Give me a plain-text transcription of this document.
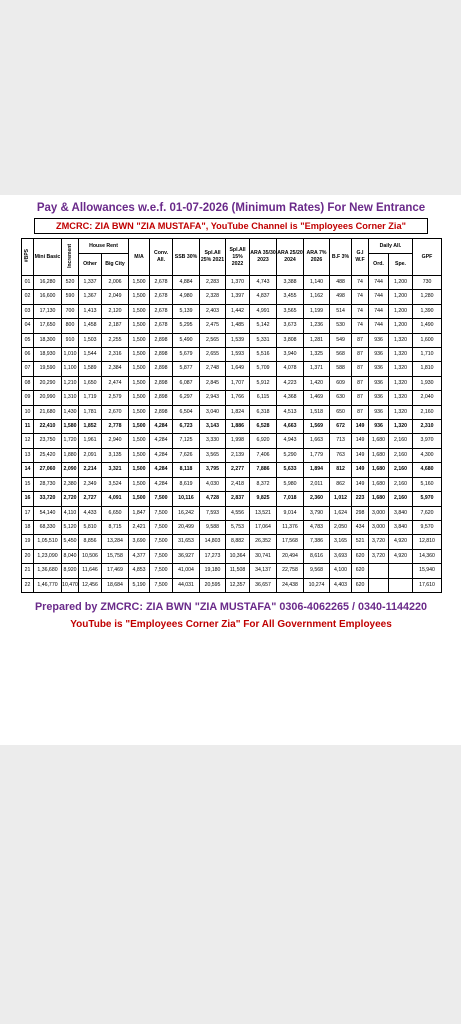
Pay & Allowances w.e.f. 01-07-2026 (Minimum Rates) For New Entrance
ZMCRC: ZIA BWN "ZIA MUSTAFA", YouTube Channel is "Employees Corner Zia"
#BPS	Mini Basic	Increment	House Rent		M/A	Conv. All.	SSB 30%	Spl.All 25% 2021	Spl.All 15% 2022	ARA 35/30 2023	ARA 25/20 2024	ARA 7% 2026	B.F 3%	G.I W.F	Daily All.		GPF
			Other	Big City											Ord.	Spe.	
01	16,280	520	1,337	2,006	1,500	2,678	4,884	2,283	1,370	4,743	3,388	1,140	488	74	744	1,200	730
02	16,600	590	1,367	2,049	1,500	2,678	4,980	2,328	1,397	4,837	3,455	1,162	498	74	744	1,200	1,280
03	17,130	700	1,413	2,120	1,500	2,678	5,139	2,403	1,442	4,991	3,565	1,199	514	74	744	1,200	1,390
04	17,650	800	1,458	2,187	1,500	2,678	5,295	2,475	1,485	5,142	3,673	1,236	530	74	744	1,200	1,490
05	18,300	910	1,503	2,255	1,500	2,898	5,490	2,565	1,539	5,331	3,808	1,281	549	87	936	1,320	1,600
06	18,930	1,010	1,544	2,316	1,500	2,898	5,679	2,655	1,593	5,516	3,940	1,325	568	87	936	1,320	1,710
07	19,590	1,100	1,589	2,384	1,500	2,898	5,877	2,748	1,649	5,709	4,078	1,371	588	87	936	1,320	1,810
08	20,290	1,210	1,650	2,474	1,500	2,898	6,087	2,845	1,707	5,912	4,223	1,420	609	87	936	1,320	1,930
09	20,990	1,310	1,719	2,579	1,500	2,898	6,297	2,943	1,766	6,115	4,368	1,469	630	87	936	1,320	2,040
10	21,680	1,430	1,781	2,670	1,500	2,898	6,504	3,040	1,824	6,318	4,513	1,518	650	87	936	1,320	2,160
11	22,410	1,580	1,852	2,778	1,500	4,284	6,723	3,143	1,886	6,528	4,663	1,569	672	149	936	1,320	2,310
12	23,750	1,720	1,961	2,940	1,500	4,284	7,125	3,330	1,998	6,920	4,943	1,663	713	149	1,680	2,160	3,970
13	25,420	1,880	2,091	3,135	1,500	4,284	7,626	3,565	2,139	7,406	5,290	1,779	763	149	1,680	2,160	4,300
14	27,060	2,090	2,214	3,321	1,500	4,284	8,118	3,795	2,277	7,886	5,633	1,894	812	149	1,680	2,160	4,680
15	28,730	2,380	2,349	3,524	1,500	4,284	8,619	4,030	2,418	8,372	5,980	2,011	862	149	1,680	2,160	5,160
16	33,720	2,720	2,727	4,091	1,500	7,500	10,116	4,728	2,837	9,825	7,018	2,360	1,012	223	1,680	2,160	5,970
17	54,140	4,110	4,433	6,650	1,847	7,500	16,242	7,593	4,556	13,521	9,014	3,790	1,624	298	3,000	3,840	7,620
18	68,330	5,120	5,810	8,715	2,421	7,500	20,499	9,588	5,753	17,064	11,376	4,783	2,050	434	3,000	3,840	9,570
19	1,05,510	5,450	8,856	13,284	3,690	7,500	31,653	14,803	8,882	26,352	17,568	7,386	3,165	521	3,720	4,920	12,810
20	1,23,090	8,040	10,506	15,758	4,377	7,500	36,927	17,273	10,364	30,741	20,494	8,616	3,693	620	3,720	4,920	14,360
21	1,36,680	8,920	11,646	17,469	4,853	7,500	41,004	19,180	11,508	34,137	22,758	9,568	4,100	620			15,940
22	1,46,770	10,470	12,456	18,684	5,190	7,500	44,031	20,595	12,357	36,657	24,438	10,274	4,403	620			17,610
Prepared by ZMCRC: ZIA BWN "ZIA MUSTAFA" 0306-4062265 / 0340-1144220
YouTube is "Employees Corner Zia" For All Government Employees
